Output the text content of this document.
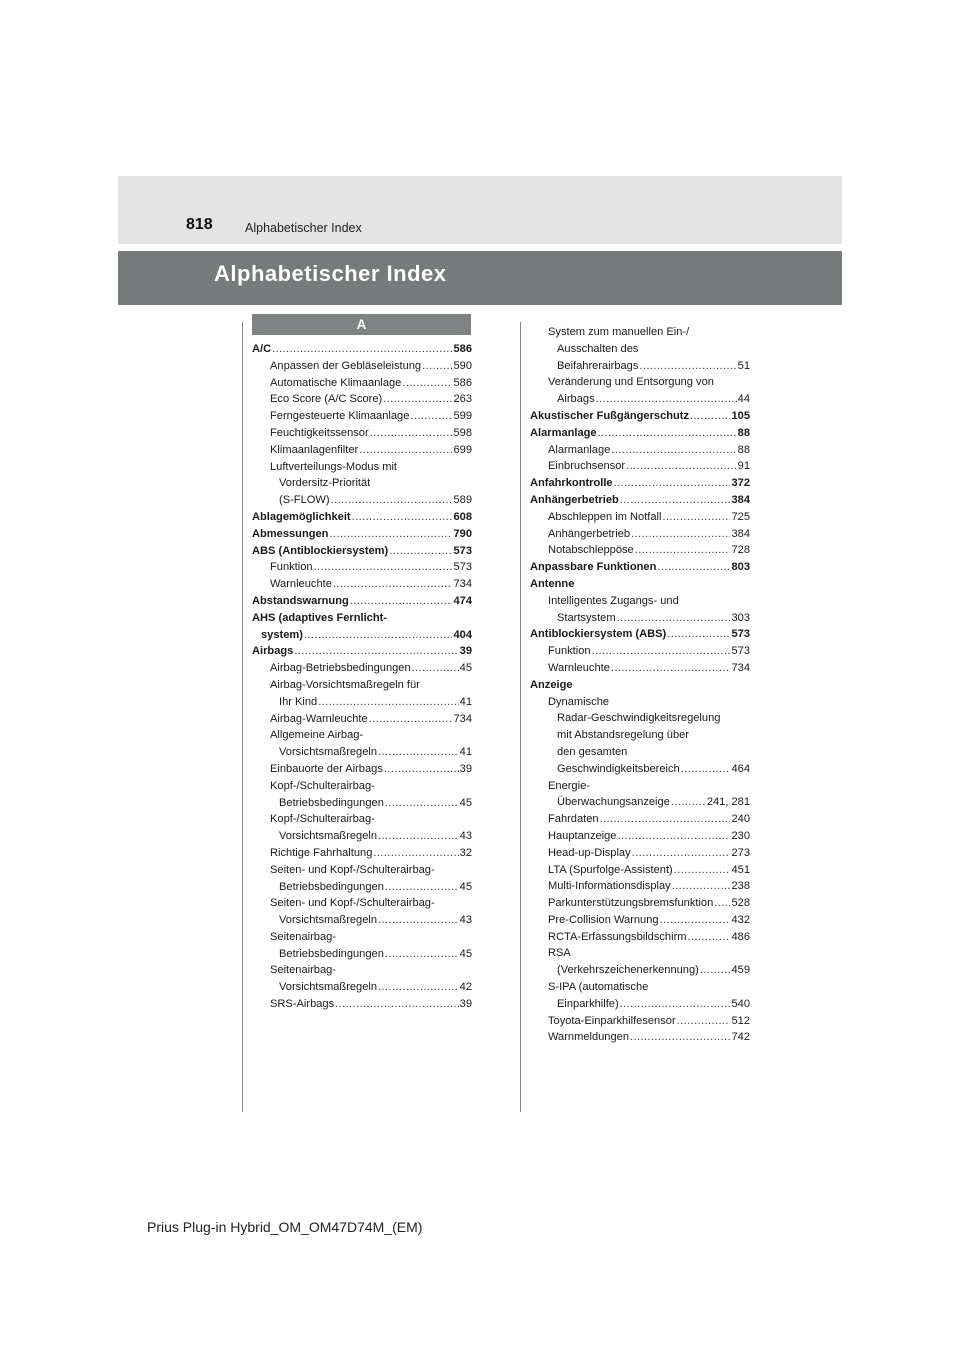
818	Alphabetischer Index
Alphabetischer Index
A
A/C .....	586
Anpassen der Gebläseleistung .....	590
Automatische Klimaanlage .....	586
Eco Score (A/C Score) .....	263
Ferngesteuerte Klimaanlage .....	599
Feuchtigkeitssensor .....	598
Klimaanlagenfilter .....	699
Luftverteilungs-Modus mit
Vordersitz-Priorität
(S-FLOW) .....	589
Ablagemöglichkeit .....	608
Abmessungen .....	790
ABS (Antiblockiersystem) .....	573
Funktion .....	573
Warnleuchte .....	734
Abstandswarnung .....	474
AHS (adaptives Fernlicht-
system) .....	404
Airbags .....	39
Airbag-Betriebsbedingungen .....	45
Airbag-Vorsichtsmaßregeln für
Ihr Kind .....	41
Airbag-Warnleuchte .....	734
Allgemeine Airbag-
Vorsichtsmaßregeln .....	41
Einbauorte der Airbags .....	39
Kopf-/Schulterairbag-
Betriebsbedingungen .....	45
Kopf-/Schulterairbag-
Vorsichtsmaßregeln .....	43
Richtige Fahrhaltung .....	32
Seiten- und Kopf-/Schulterairbag-
Betriebsbedingungen .....	45
Seiten- und Kopf-/Schulterairbag-
Vorsichtsmaßregeln .....	43
Seitenairbag-
Betriebsbedingungen .....	45
Seitenairbag-
Vorsichtsmaßregeln .....	42
SRS-Airbags .....	39
System zum manuellen Ein-/
Ausschalten des
Beifahrerairbags .....	51
Veränderung und Entsorgung von
Airbags .....	44
Akustischer Fußgängerschutz .....	105
Alarmanlage .....	88
Alarmanlage .....	88
Einbruchsensor .....	91
Anfahrkontrolle .....	372
Anhängerbetrieb .....	384
Abschleppen im Notfall .....	725
Anhängerbetrieb .....	384
Notabschleppöse .....	728
Anpassbare Funktionen .....	803
Antenne
Intelligentes Zugangs- und
Startsystem .....	303
Antiblockiersystem (ABS) .....	573
Funktion .....	573
Warnleuchte .....	734
Anzeige
Dynamische
Radar-Geschwindigkeitsregelung
mit Abstandsregelung über
den gesamten
Geschwindigkeitsbereich .....	464
Energie-
Überwachungsanzeige .....	241, 281
Fahrdaten .....	240
Hauptanzeige .....	230
Head-up-Display .....	273
LTA (Spurfolge-Assistent) .....	451
Multi-Informationsdisplay .....	238
Parkunterstützungsbremsfunktion ..... 528
Pre-Collision Warnung .....	432
RCTA-Erfassungsbildschirm .....	486
RSA
(Verkehrszeichenerkennung) .....	459
S-IPA (automatische
Einparkhilfe) .....	540
Toyota-Einparkhilfesensor .....	512
Warnmeldungen .....	742
Prius Plug-in Hybrid_OM_OM47D74M_(EM)
